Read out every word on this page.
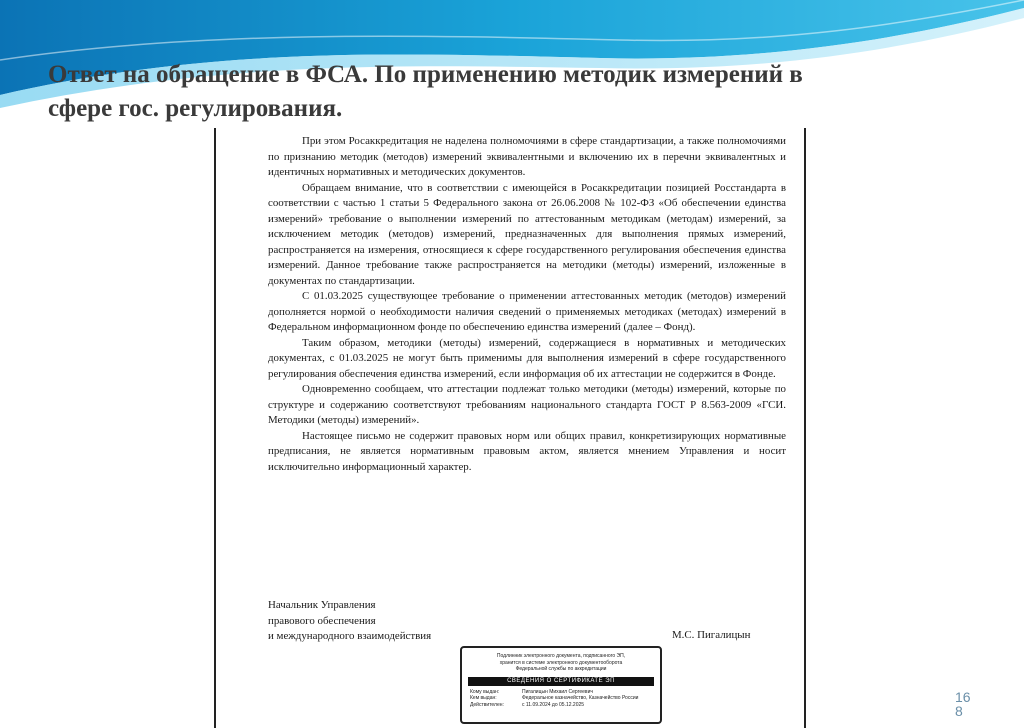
Ответ на обращение в ФСА. По применению методик измерений в сфере гос. регулирования.

При этом Росаккредитация не наделена полномочиями в сфере стандартизации, а также полномочиями по признанию методик (методов) измерений эквивалентными и включению их в перечни эквивалентных и идентичных нормативных и методических документов.

Обращаем внимание, что в соответствии с имеющейся в Росаккредитации позицией Росстандарта в соответствии с частью 1 статьи 5 Федерального закона от 26.06.2008 № 102-ФЗ «Об обеспечении единства измерений» требование о выполнении измерений по аттестованным методикам (методам) измерений, за исключением методик (методов) измерений, предназначенных для выполнения прямых измерений, распространяется на измерения, относящиеся к сфере государственного регулирования обеспечения единства измерений. Данное требование также распространяется на методики (методы) измерений, изложенные в документах по стандартизации.

С 01.03.2025 существующее требование о применении аттестованных методик (методов) измерений дополняется нормой о необходимости наличия сведений о применяемых методиках (методах) измерений в Федеральном информационном фонде по обеспечению единства измерений (далее – Фонд).

Таким образом, методики (методы) измерений, содержащиеся в нормативных и методических документах, с 01.03.2025 не могут быть применимы для выполнения измерений в сфере государственного регулирования обеспечения единства измерений, если информация об их аттестации не содержится в Фонде.

Одновременно сообщаем, что аттестации подлежат только методики (методы) измерений, которые по структуре и содержанию соответствуют требованиям национального стандарта ГОСТ Р 8.563-2009 «ГСИ. Методики (методы) измерений».

Настоящее письмо не содержит правовых норм или общих правил, конкретизирующих нормативные предписания, не является нормативным правовым актом, является мнением Управления и носит исключительно информационный характер.

Начальник Управления
правового обеспечения
и международного взаимодействия	М.С. Пигалицын
Подлинник электронного документа, подписанного ЭП,
хранится в системе электронного документооборота
Федеральной службы по аккредитации
СВЕДЕНИЯ О СЕРТИФИКАТЕ ЭП
Кому выдан:	Пигалицын Михаил Сергеевич
Кем выдан:	Федеральное казначейство, Казначейство России
Действителен:	с 11.09.2024 до 05.12.2025	168
